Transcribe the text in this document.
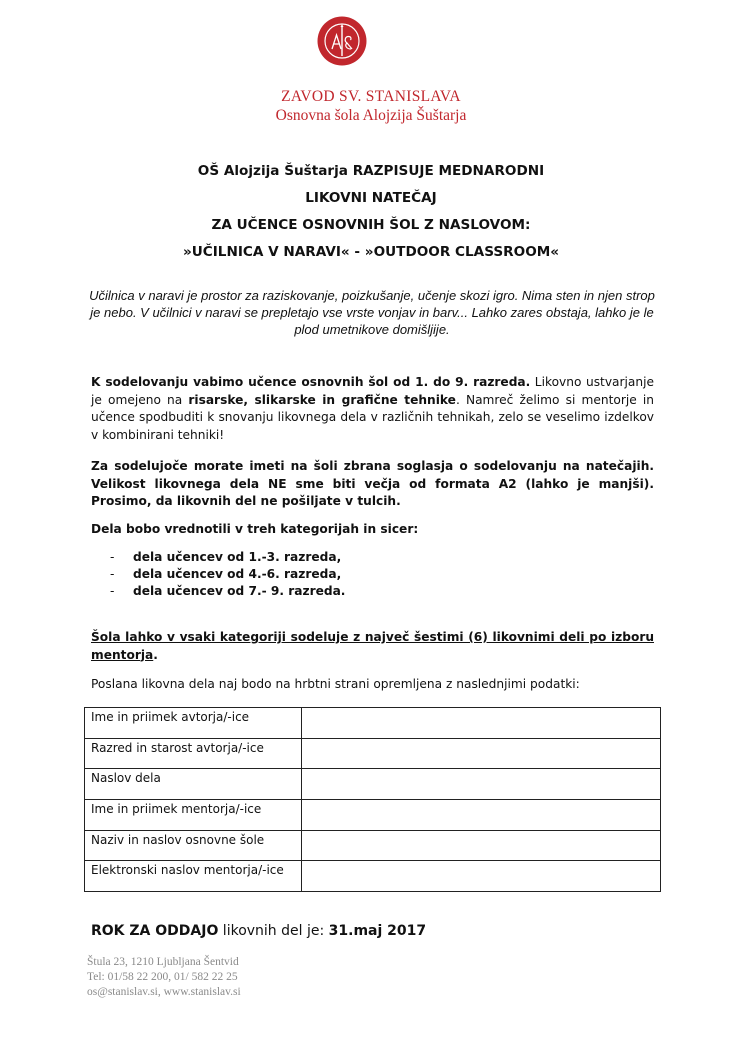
ZAVOD SV. STANISLAVA
Osnovna šola Alojzija Šuštarja
OŠ Alojzija Šuštarja RAZPISUJE MEDNARODNI
LIKOVNI NATEČAJ
ZA UČENCE OSNOVNIH ŠOL Z NASLOVOM:
»UČILNICA V NARAVI« - »OUTDOOR CLASSROOM«
Učilnica v naravi je prostor za raziskovanje, poizkušanje, učenje skozi igro. Nima sten in njen strop je nebo. V učilnici v naravi se prepletajo vse vrste vonjav in barv... Lahko zares obstaja, lahko je le plod umetnikove domišljije.
K sodelovanju vabimo učence osnovnih šol od 1. do 9. razreda. Likovno ustvarjanje je omejeno na risarske, slikarske in grafične tehnike. Namreč želimo si mentorje in učence spodbuditi k snovanju likovnega dela v različnih tehnikah, zelo se veselimo izdelkov v kombinirani tehniki!
Za sodelujoče morate imeti na šoli zbrana soglasja o sodelovanju na natečajih. Velikost likovnega dela NE sme biti večja od formata A2 (lahko je manjši). Prosimo, da likovnih del ne pošiljate v tulcih.
Dela bobo vrednotili v treh kategorijah in sicer:
- dela učencev od 1.-3. razreda,
- dela učencev od 4.-6. razreda,
- dela učencev od 7.- 9. razreda.
Šola lahko v vsaki kategoriji sodeluje z največ šestimi (6) likovnimi deli po izboru mentorja.
Poslana likovna dela naj bodo na hrbtni strani opremljena z naslednjimi podatki:
Ime in priimek avtorja/-ice	
Razred in starost avtorja/-ice	
Naslov dela	
Ime in priimek mentorja/-ice	
Naziv in naslov osnovne šole	
Elektronski naslov mentorja/-ice	
ROK ZA ODDAJO likovnih del je: 31.maj 2017
Štula 23, 1210 Ljubljana Šentvid
Tel: 01/58 22 200, 01/ 582 22 25
os@stanislav.si, www.stanislav.si
